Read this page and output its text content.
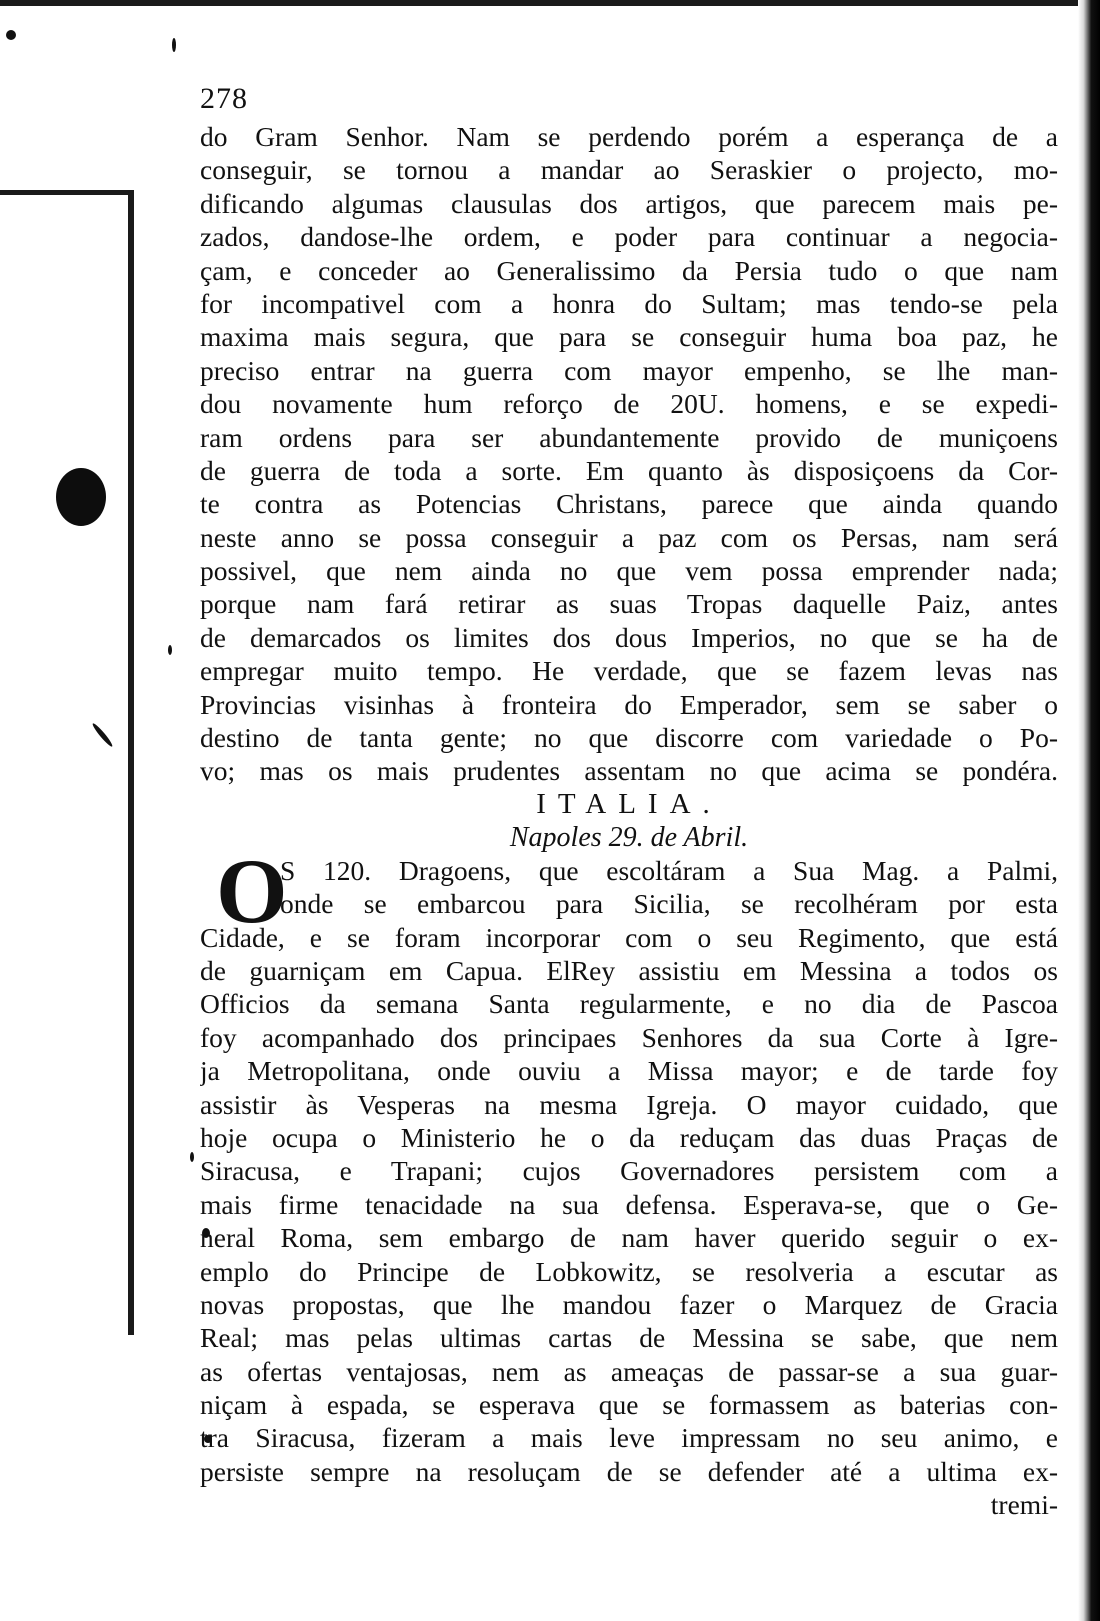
278
do Gram Senhor. Nam se perdendo porém a esperança de a
conseguir, se tornou a mandar ao Seraskier o projecto, mo-
dificando algumas clausulas dos artigos, que parecem mais pe-
zados, dandose-lhe ordem, e poder para continuar a negocia-
çam, e conceder ao Generalissimo da Persia tudo o que nam
for incompativel com a honra do Sultam; mas tendo-se pela
maxima mais segura, que para se conseguir huma boa paz, he
preciso entrar na guerra com mayor empenho, se lhe man-
dou novamente hum reforço de 20U. homens, e se expedi-
ram ordens para ser abundantemente provido de muniçoens
de guerra de toda a sorte. Em quanto às disposiçoens da Cor-
te contra as Potencias Christans, parece que ainda quando
neste anno se possa conseguir a paz com os Persas, nam será
possivel, que nem ainda no que vem possa emprender nada;
porque nam fará retirar as suas Tropas daquelle Paiz, antes
de demarcados os limites dos dous Imperios, no que se ha de
empregar muito tempo. He verdade, que se fazem levas nas
Provincias visinhas à fronteira do Emperador, sem se saber o
destino de tanta gente; no que discorre com variedade o Po-
vo; mas os mais prudentes assentam no que acima se pondéra.

ITALIA.

Napoles 29. de Abril.

O
S 120. Dragoens, que escoltáram a Sua Mag. a Palmi,
onde se embarcou para Sicilia, se recolhéram por esta
Cidade, e se foram incorporar com o seu Regimento, que está
de guarniçam em Capua. ElRey assistiu em Messina a todos os
Officios da semana Santa regularmente, e no dia de Pascoa
foy acompanhado dos principaes Senhores da sua Corte à Igre-
ja Metropolitana, onde ouviu a Missa mayor; e de tarde foy
assistir às Vesperas na mesma Igreja. O mayor cuidado, que
hoje ocupa o Ministerio he o da reduçam das duas Praças de
Siracusa, e Trapani; cujos Governadores persistem com a
mais firme tenacidade na sua defensa. Esperava-se, que o Ge-
neral Roma, sem embargo de nam haver querido seguir o ex-
emplo do Principe de Lobkowitz, se resolveria a escutar as
novas propostas, que lhe mandou fazer o Marquez de Gracia
Real; mas pelas ultimas cartas de Messina se sabe, que nem
as ofertas ventajosas, nem as ameaças de passar-se a sua guar-
niçam à espada, se esperava que se formassem as baterias con-
tra Siracusa, fizeram a mais leve impressam no seu animo, e
persiste sempre na resoluçam de se defender até a ultima ex-
tremi-
